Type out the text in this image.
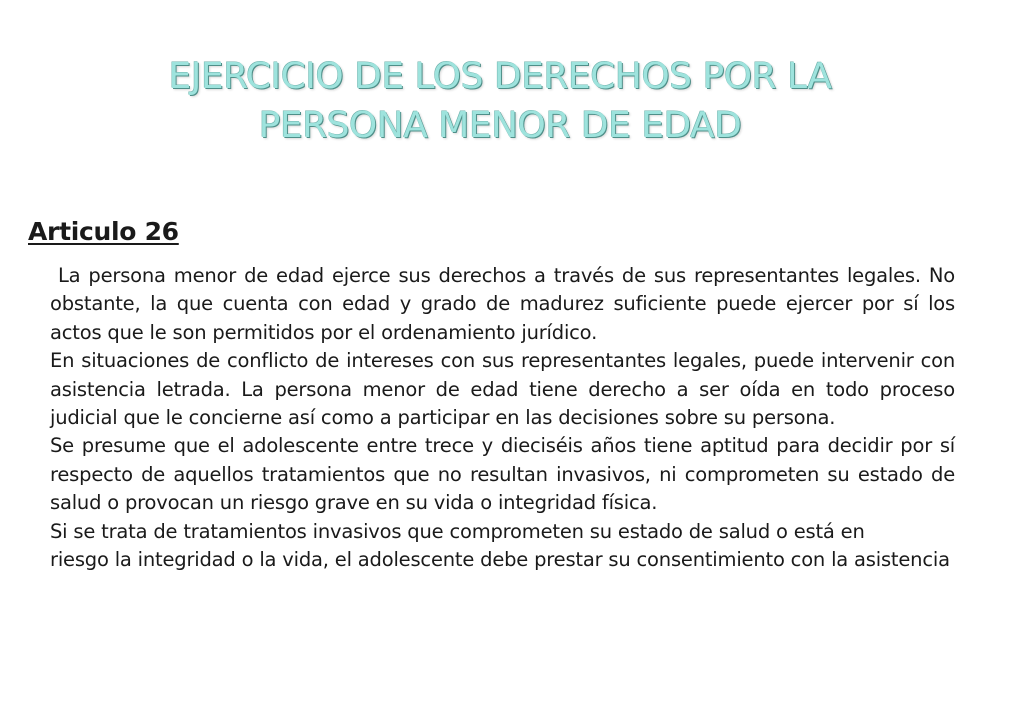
EJERCICIO DE LOS DERECHOS POR LA
PERSONA MENOR DE EDAD
Articulo 26

La persona menor de edad ejerce sus derechos a través de sus representantes legales. No obstante, la que cuenta con edad y grado de madurez suficiente puede ejercer por sí los actos que le son permitidos por el ordenamiento jurídico.

En situaciones de conflicto de intereses con sus representantes legales, puede intervenir con asistencia letrada. La persona menor de edad tiene derecho a ser oída en todo proceso judicial que le concierne así como a participar en las decisiones sobre su persona.

Se presume que el adolescente entre trece y dieciséis años tiene aptitud para decidir por sí respecto de aquellos tratamientos que no resultan invasivos, ni comprometen su estado de salud o provocan un riesgo grave en su vida o integridad física.

Si se trata de tratamientos invasivos que comprometen su estado de salud o está en

riesgo la integridad o la vida, el adolescente debe prestar su consentimiento con la asistencia
